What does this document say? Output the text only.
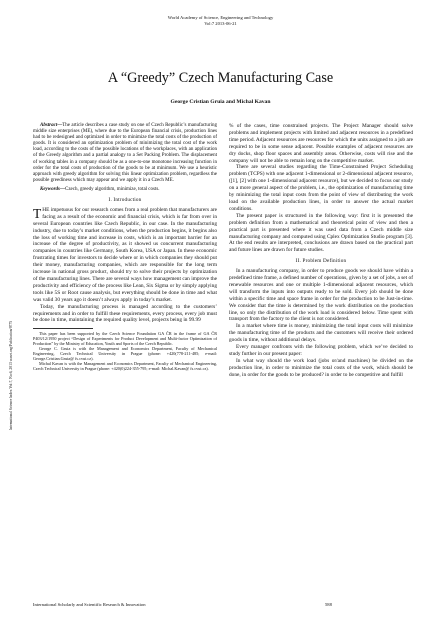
World Academy of Science, Engineering and Technology
Vol:7 2013-06-21
A “Greedy” Czech Manufacturing Case
George Cristian Gruia and Michal Kavan
International Science Index Vol:7, No:6, 2013 waset.org/Publication/9775

Abstract—The article describes a case study on one of Czech Republic’s manufacturing middle size enterprises (ME), where due to the European financial crisis, production lines had to be redesigned and optimized in order to minimize the total costs of the production of goods. It is considered an optimization problem of minimizing the total cost of the work load, according to the costs of the possible locations of the workplaces, with an application of the Greedy algorithm and a partial analogy to a Set Packing Problem. The displacement of working tables in a company should be as a one-to-one monotone increasing function in order for the total costs of production of the goods to be at minimum. We use a heuristic approach with greedy algorithm for solving this linear optimization problem, regardless the possible greediness which may appear and we apply it in a Czech ME.

Keywords—Czech, greedy algorithm, minimize, total costs.

I. Introduction

THE impetuous for our research comes from a real problem that manufacturers are facing as a result of the economic and financial crisis, which is far from over in several European countries like Czech Republic, in our case. In the manufacturing industry, due to today’s market conditions, when the production begins, it begins also the loss of working time and increase in costs, which is an important barrier for an increase of the degree of productivity, as it showed us concurrent manufacturing companies in countries like Germany, South Korea, USA or Japan. In these economic frustrating times for investors to decide where or in which companies they should put their money, manufacturing companies, which are responsible for the long term increase in national gross product, should try to solve their projects by optimization of the manufacturing lines. There are several ways how management can improve the productivity and efficiency of the process like Lean, Six Sigma or by simply applying tools like 5S or Root cause analysis, but everything should be done in time and what was valid 30 years ago it doesn’t always apply in today’s market.

Today, the manufacturing process is managed according to the customers’ requirements and in order to fulfill these requirements, every process, every job must be done in time, maintaining the required quality level, projects being in 99.99

This paper has been supported by the Czech Science Foundation GA ČR in the frame of GA ČR P403/12/1950 project “Design of Experiments for Product Development and Multi-factor Optimization of Production” by the Ministry of Education, Youth and Sports of the Czech Republic.

George C. Gruia is with the Management and Economics Department, Faculty of Mechanical Engineering, Czech Technical University in Prague (phone: +420(778-211-485; e-mail: George.Cristian.Gruia@ fs.cvut.cz).

Michal Kavan is with the Management and Economics Department, Faculty of Mechanical Engineering, Czech Technical University in Prague (phone: +420(0)224-355-795; e-mail: Michal.Kavan@ fs.cvut.cz).

% of the cases, time constrained projects. The Project Manager should solve problems and implement projects with limited and adjacent resources in a predefined time period. Adjacent resources are resources for which the units assigned to a job are required to be in some sense adjacent. Possible examples of adjacent resources are dry docks, shop floor spaces and assembly areas. Otherwise, costs will rise and the company will not be able to remain long on the competitive market.

There are several studies regarding the Time-Constrained Project Scheduling problem (TCPS) with one adjacent 1-dimensional or 2-dimensional adjacent resource, ([1], [2] with one 1-dimensional adjacent resource), but we decided to focus our study on a more general aspect of the problem, i.e., the optimization of manufacturing time by minimizing the total input costs from the point of view of distributing the work load on the available production lines, in order to answer the actual market conditions.

The present paper is structured in the following way: first it is presented the problem definition from a mathematical and theoretical point of view and then a practical part is presented where it was used data from a Czech middle size manufacturing company and computed using Cplex Optimization Studio program [3]. At the end results are interpreted, conclusions are drawn based on the practical part and future lines are drawn for future studies.

II. Problem Definition

In a manufacturing company, in order to produce goods we should have within a predefined time frame, a defined number of operations, given by a set of jobs, a set of renewable resources and one or multiple 1-dimensional adjacent resources, which will transform the inputs into outputs ready to be sold. Every job should be done within a specific time and space frame in order for the production to be Just-in-time. We consider that the time is determined by the work distribution on the production line, so only the distribution of the work load is considered below. Time spent with transport from the factory to the client is not considered.

In a market where time is money, minimizing the total input costs will minimize the manufacturing time of the products and the customers will receive their ordered goods in time, without additional delays.

Every manager confronts with the following problem, which we’ve decided to study further in our present paper:

In what way should the work load (jobs or/and machines) be divided on the production line, in order to minimize the total costs of the work, which should be done, in order for the goods to be produced? in order to be competitive and fulfill

International Scholarly and Scientific Research & Innovation	588
